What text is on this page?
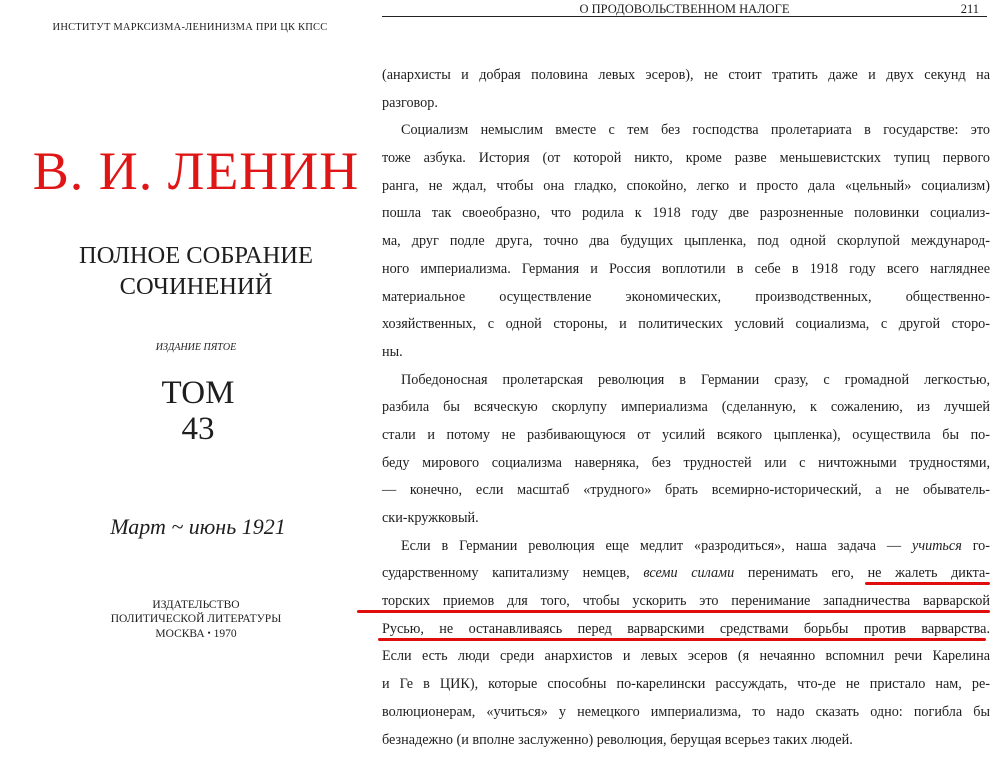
ИНСТИТУТ МАРКСИЗМА-ЛЕНИНИЗМА ПРИ ЦК КПСС
В. И. ЛЕНИН
ПОЛНОЕ СОБРАНИЕ
СОЧИНЕНИЙ
ИЗДАНИЕ ПЯТОЕ
ТОМ
43
Март ~ июнь 1921
ИЗДАТЕЛЬСТВО
ПОЛИТИЧЕСКОЙ ЛИТЕРАТУРЫ
МОСКВА • 1970
О ПРОДОВОЛЬСТВЕННОМ НАЛОГЕ	211
(анархисты и добрая половина левых эсеров), не стоит тратить даже и двух секунд на
разговор.
Социализм немыслим вместе с тем без господства пролетариата в государстве: это
тоже азбука. История (от которой никто, кроме разве меньшевистских тупиц первого
ранга, не ждал, чтобы она гладко, спокойно, легко и просто дала «цельный» социализм)
пошла так своеобразно, что родила к 1918 году две разрозненные половинки социализ-
ма, друг подле друга, точно два будущих цыпленка, под одной скорлупой международ-
ного империализма. Германия и Россия воплотили в себе в 1918 году всего нагляднее
материальное осуществление экономических, производственных, общественно-
хозяйственных, с одной стороны, и политических условий социализма, с другой сторо-
ны.
Победоносная пролетарская революция в Германии сразу, с громадной легкостью,
разбила бы всяческую скорлупу империализма (сделанную, к сожалению, из лучшей
стали и потому не разбивающуюся от усилий всякого цыпленка), осуществила бы по-
беду мирового социализма наверняка, без трудностей или с ничтожными трудностями,
— конечно, если масштаб «трудного» брать всемирно-исторический, а не обыватель-
ски-кружковый.
Если в Германии революция еще медлит «разродиться», наша задача — учиться го-
сударственному капитализму немцев, всеми силами перенимать его, не жалеть дикта-
торских приемов для того, чтобы ускорить это перенимание западничества варварской
Русью, не останавливаясь перед варварскими средствами борьбы против варварства.
Если есть люди среди анархистов и левых эсеров (я нечаянно вспомнил речи Карелина
и Ге в ЦИК), которые способны по-карелински рассуждать, что-де не пристало нам, ре-
волюционерам, «учиться» у немецкого империализма, то надо сказать одно: погибла бы
безнадежно (и вполне заслуженно) революция, берущая всерьез таких людей.
